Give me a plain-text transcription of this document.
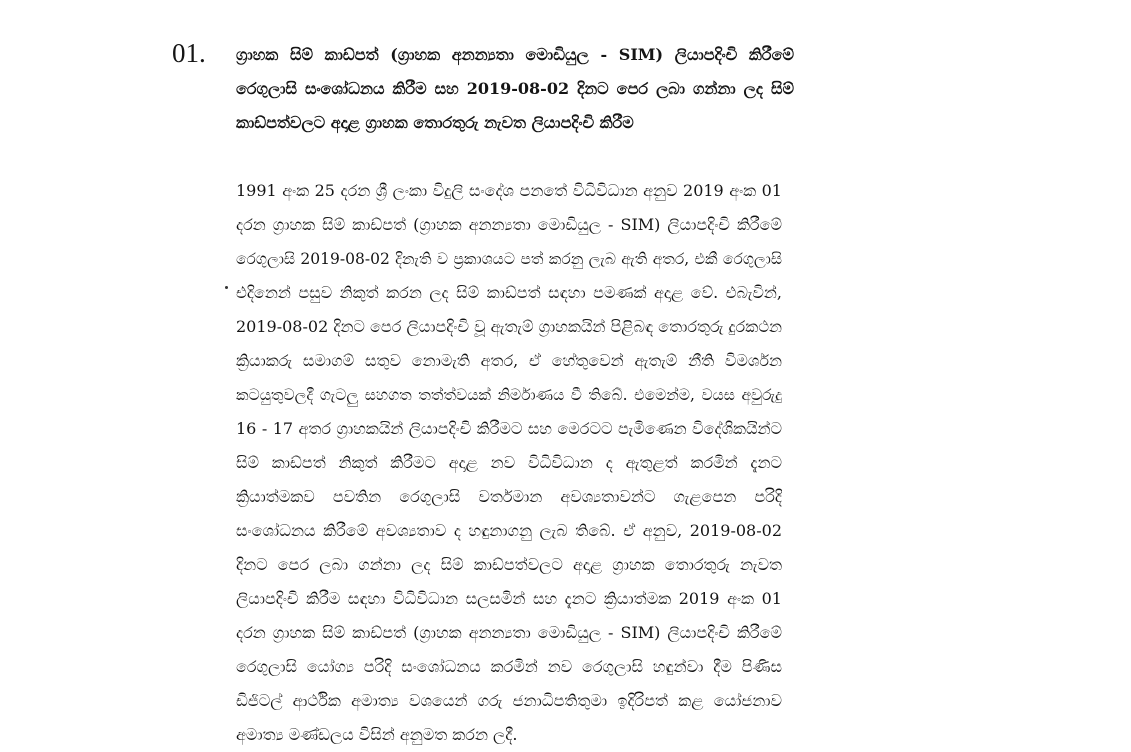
01. ග්‍රාහක සිම් කාඩ්පත් (ග්‍රාහක අනන්‍යතා මොඩියුල - SIM) ලියාපදිංචි කිරීමේ
රෙගුලාසි සංශෝධනය කිරීම සහ 2019-08-02 දිනට පෙර ලබා ගන්නා ලද සිම්
කාඩ්පත්වලට අදාළ ග්‍රාහක තොරතුරු නැවත ලියාපදිංචි කිරීම
1991 අංක 25 දරන ශ්‍රී ලංකා විදුලි සංදේශ පනතේ විධිවිධාන අනුව 2019 අංක 01
දරන ග්‍රාහක සිම් කාඩ්පත් (ග්‍රාහක අනන්‍යතා මොඩියුල - SIM) ලියාපදිංචි කිරීමේ
රෙගුලාසි 2019-08-02 දිනැති ව ප්‍රකාශයට පත් කරනු ලැබ ඇති අතර, එකී රෙගුලාසි
එදිනෙන් පසුව නිකුත් කරන ලද සිම් කාඩ්පත් සඳහා පමණක් අදාළ වේ. එබැවින්,
2019-08-02 දිනට පෙර ලියාපදිංචි වූ ඇතැම් ග්‍රාහකයින් පිළිබඳ තොරතුරු දුරකථන
ක්‍රියාකරු සමාගම් සතුව නොමැති අතර, ඒ හේතුවෙන් ඇතැම් නීති විමර්ශන
කටයුතුවලදී ගැටලු සහගත තත්ත්වයක් නිර්මාණය වී තිබේ. එමෙන්ම, වයස අවුරුදු
16 - 17 අතර ග්‍රාහකයින් ලියාපදිංචි කිරීමට සහ මෙරටට පැමිණෙන විදේශිකයින්ට
සිම් කාඩ්පත් නිකුත් කිරීමට අදාළ නව විධිවිධාන ද ඇතුළත් කරමින් දැනට
ක්‍රියාත්මකව පවතින රෙගුලාසි වර්තමාන අවශ්‍යතාවන්ට ගැළපෙන පරිදි
සංශෝධනය කිරීමේ අවශ්‍යතාව ද හඳුනාගනු ලැබ තිබේ. ඒ අනුව, 2019-08-02
දිනට පෙර ලබා ගන්නා ලද සිම් කාඩ්පත්වලට අදාළ ග්‍රාහක තොරතුරු නැවත
ලියාපදිංචි කිරීම සඳහා විධිවිධාන සලසමින් සහ දැනට ක්‍රියාත්මක 2019 අංක 01
දරන ග්‍රාහක සිම් කාඩ්පත් (ග්‍රාහක අනන්‍යතා මොඩියුල - SIM) ලියාපදිංචි කිරීමේ
රෙගුලාසි යෝග්‍ය පරිදි සංශෝධනය කරමින් නව රෙගුලාසි හඳුන්වා දීම පිණිස
ඩිජිටල් ආර්ථික අමාත්‍ය වශයෙන් ගරු ජනාධිපතිතුමා ඉදිරිපත් කළ යෝජනාව
අමාත්‍ය මණ්ඩලය විසින් අනුමත කරන ලදී.
